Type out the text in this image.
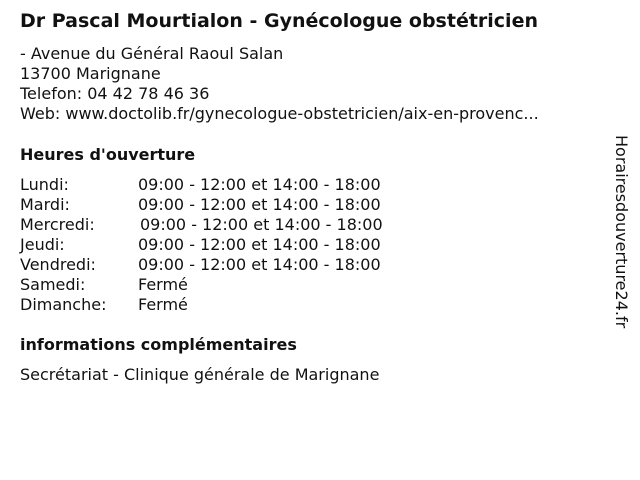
Dr Pascal Mourtialon - Gynécologue obstétricien
- Avenue du Général Raoul Salan
13700 Marignane
Telefon: 04 42 78 46 36
Web: www.doctolib.fr/gynecologue-obstetricien/aix-en-provenc...
Heures d'ouverture
Lundi:	09:00 - 12:00 et 14:00 - 18:00
Mardi:	09:00 - 12:00 et 14:00 - 18:00
Mercredi:	09:00 - 12:00 et 14:00 - 18:00
Jeudi:	09:00 - 12:00 et 14:00 - 18:00
Vendredi:	09:00 - 12:00 et 14:00 - 18:00
Samedi:	Fermé
Dimanche: Fermé
informations complémentaires
Secrétariat - Clinique générale de Marignane
Horairesdouverture24.fr
